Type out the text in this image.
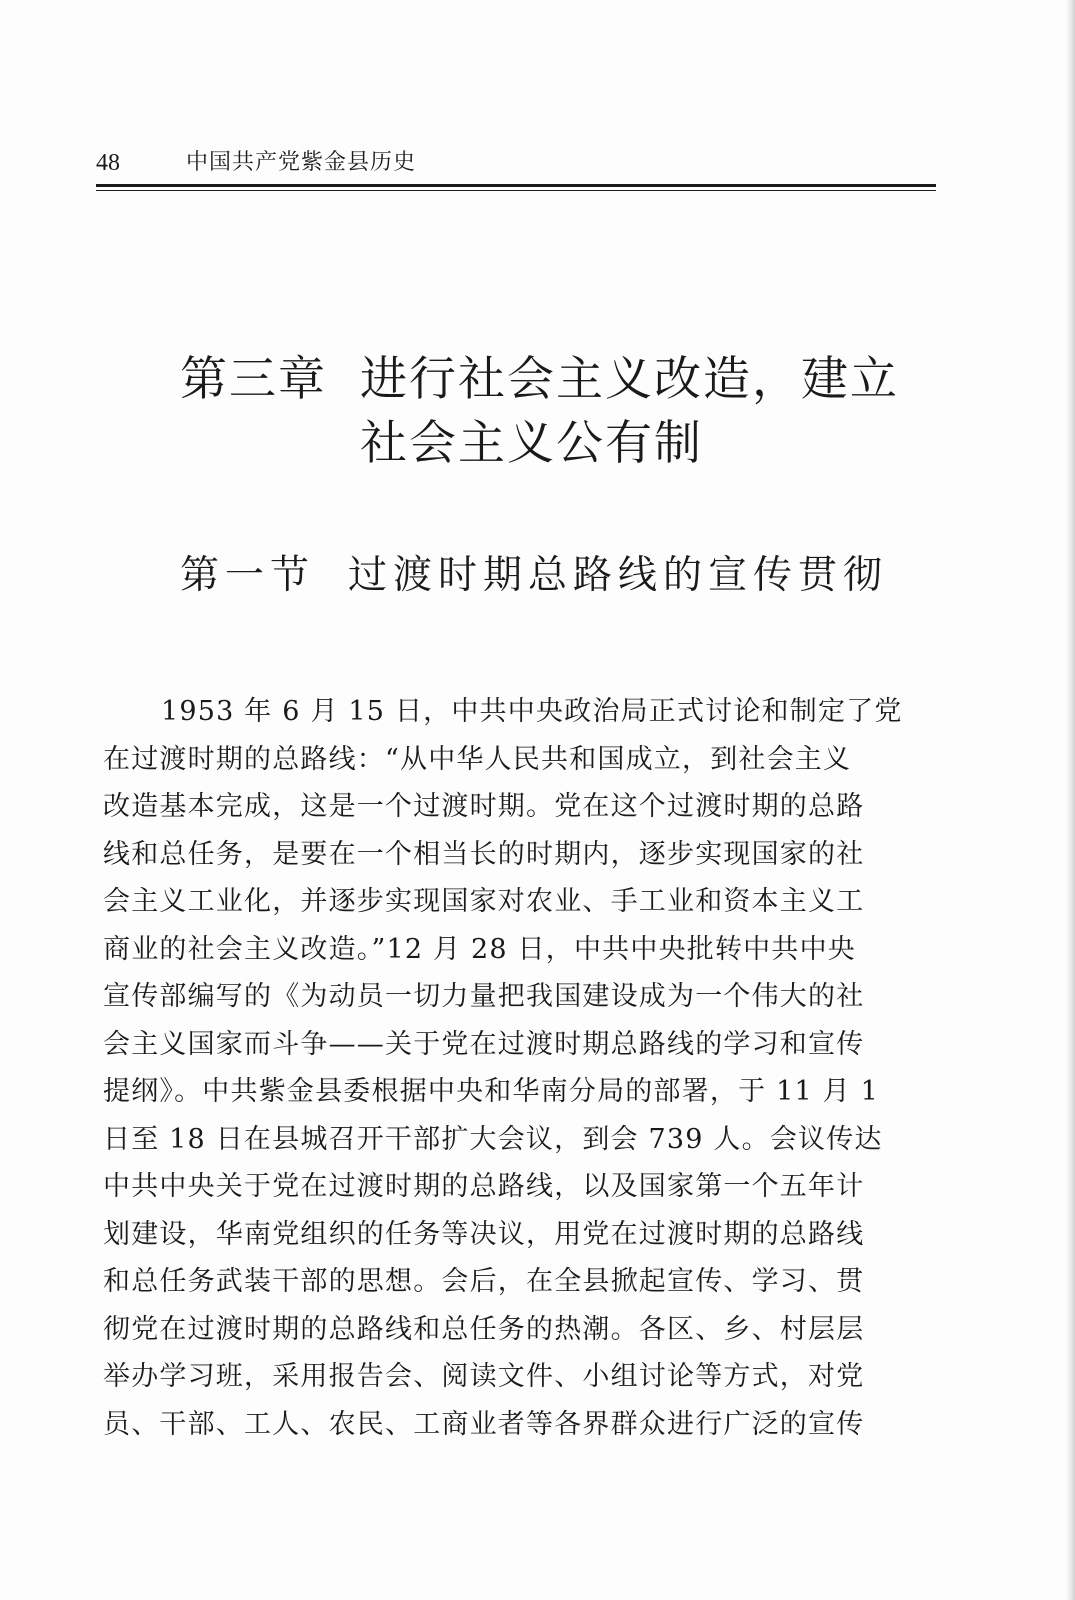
48	中国共产党紫金县历史
第三章 进行社会主义改造，建立
社会主义公有制
第一节 过渡时期总路线的宣传贯彻
1953 年 6 月 15 日，中共中央政治局正式讨论和制定了党
在过渡时期的总路线：“从中华人民共和国成立，到社会主义
改造基本完成，这是一个过渡时期。党在这个过渡时期的总路
线和总任务，是要在一个相当长的时期内，逐步实现国家的社
会主义工业化，并逐步实现国家对农业、手工业和资本主义工
商业的社会主义改造。”12 月 28 日，中共中央批转中共中央
宣传部编写的《为动员一切力量把我国建设成为一个伟大的社
会主义国家而斗争——关于党在过渡时期总路线的学习和宣传
提纲》。中共紫金县委根据中央和华南分局的部署，于 11 月 1
日至 18 日在县城召开干部扩大会议，到会 739 人。会议传达
中共中央关于党在过渡时期的总路线，以及国家第一个五年计
划建设，华南党组织的任务等决议，用党在过渡时期的总路线
和总任务武装干部的思想。会后，在全县掀起宣传、学习、贯
彻党在过渡时期的总路线和总任务的热潮。各区、乡、村层层
举办学习班，采用报告会、阅读文件、小组讨论等方式，对党
员、干部、工人、农民、工商业者等各界群众进行广泛的宣传
